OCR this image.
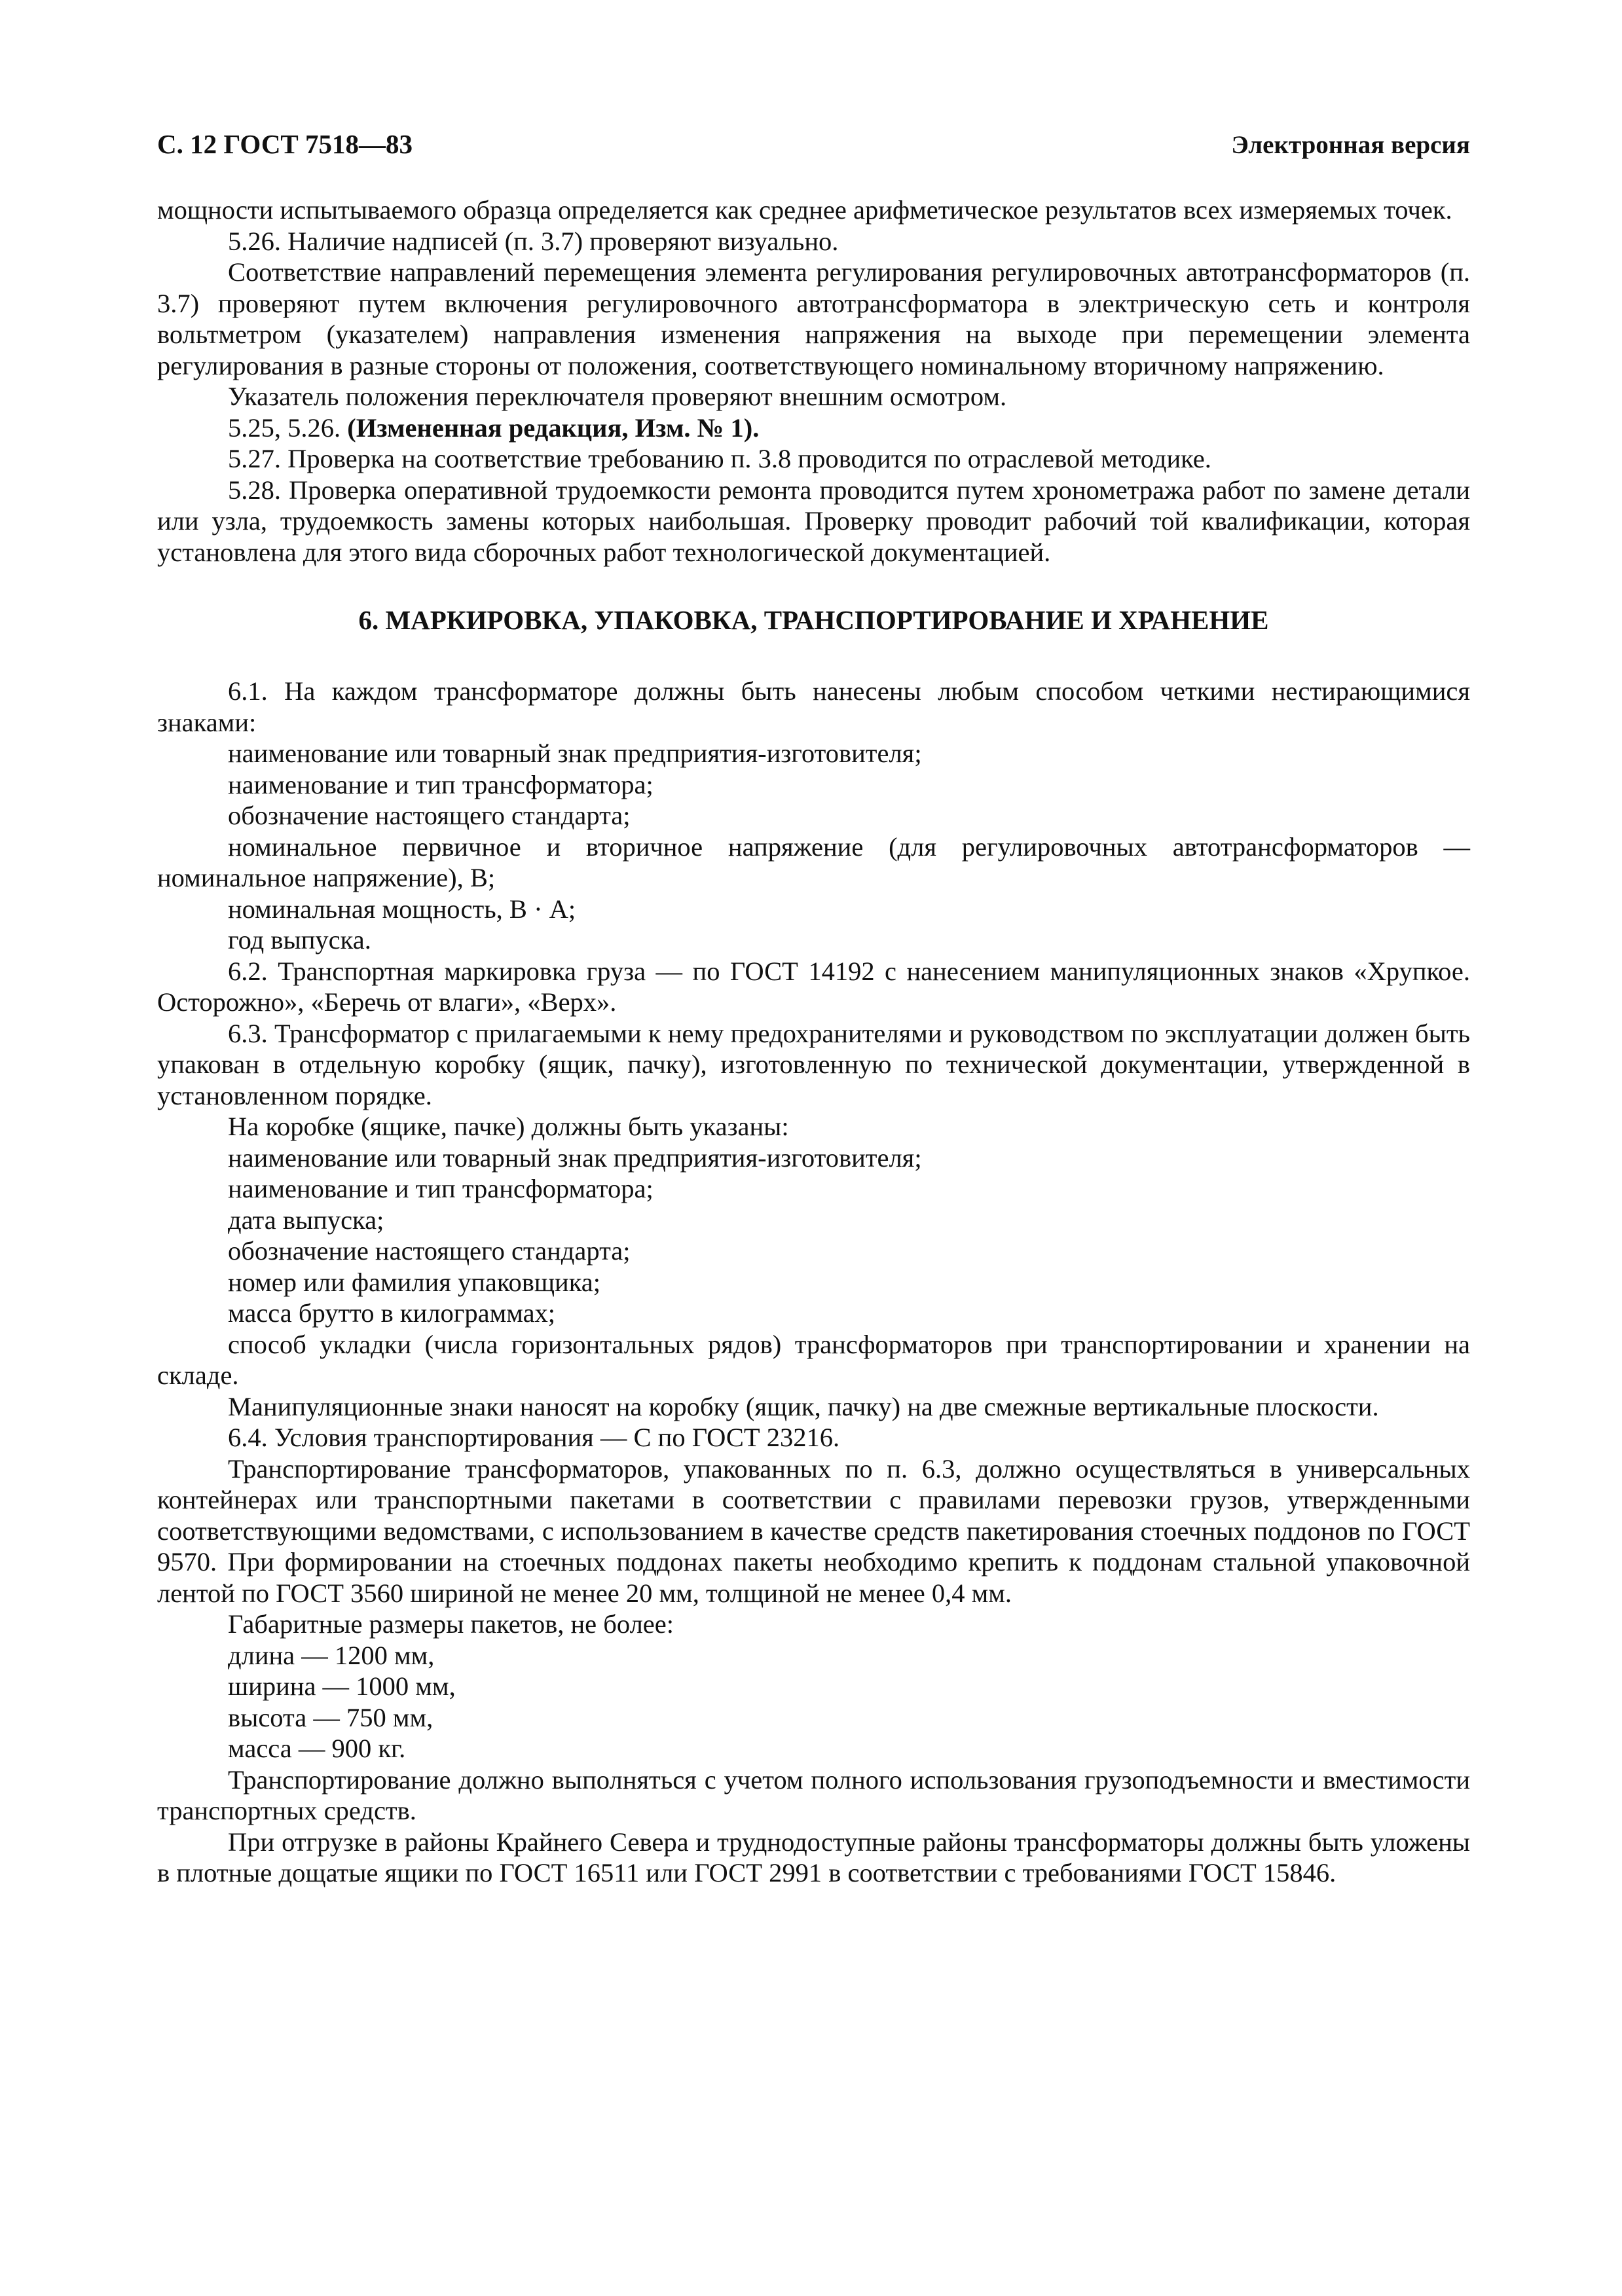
С. 12 ГОСТ 7518—83	Электронная версия

мощности испытываемого образца определяется как среднее арифметическое результатов всех измеряемых точек.

5.26. Наличие надписей (п. 3.7) проверяют визуально.

Соответствие направлений перемещения элемента регулирования регулировочных автотрансформаторов (п. 3.7) проверяют путем включения регулировочного автотрансформатора в электрическую сеть и контроля вольтметром (указателем) направления изменения напряжения на выходе при перемещении элемента регулирования в разные стороны от положения, соответствующего номинальному вторичному напряжению.

Указатель положения переключателя проверяют внешним осмотром.

5.25, 5.26. (Измененная редакция, Изм. № 1).

5.27. Проверка на соответствие требованию п. 3.8 проводится по отраслевой методике.

5.28. Проверка оперативной трудоемкости ремонта проводится путем хронометража работ по замене детали или узла, трудоемкость замены которых наибольшая. Проверку проводит рабочий той квалификации, которая установлена для этого вида сборочных работ технологической документацией.

6. МАРКИРОВКА, УПАКОВКА, ТРАНСПОРТИРОВАНИЕ И ХРАНЕНИЕ

6.1. На каждом трансформаторе должны быть нанесены любым способом четкими нестирающимися знаками:

наименование или товарный знак предприятия-изготовителя;

наименование и тип трансформатора;

обозначение настоящего стандарта;

номинальное первичное и вторичное напряжение (для регулировочных автотрансформаторов — номинальное напряжение), В;

номинальная мощность, В · А;

год выпуска.

6.2. Транспортная маркировка груза — по ГОСТ 14192 с нанесением манипуляционных знаков «Хрупкое. Осторожно», «Беречь от влаги», «Верх».

6.3. Трансформатор с прилагаемыми к нему предохранителями и руководством по эксплуатации должен быть упакован в отдельную коробку (ящик, пачку), изготовленную по технической документации, утвержденной в установленном порядке.

На коробке (ящике, пачке) должны быть указаны:

наименование или товарный знак предприятия-изготовителя;

наименование и тип трансформатора;

дата выпуска;

обозначение настоящего стандарта;

номер или фамилия упаковщика;

масса брутто в килограммах;

способ укладки (числа горизонтальных рядов) трансформаторов при транспортировании и хранении на складе.

Манипуляционные знаки наносят на коробку (ящик, пачку) на две смежные вертикальные плоскости.

6.4. Условия транспортирования — С по ГОСТ 23216.

Транспортирование трансформаторов, упакованных по п. 6.3, должно осуществляться в универсальных контейнерах или транспортными пакетами в соответствии с правилами перевозки грузов, утвержденными соответствующими ведомствами, с использованием в качестве средств пакетирования стоечных поддонов по ГОСТ 9570. При формировании на стоечных поддонах пакеты необходимо крепить к поддонам стальной упаковочной лентой по ГОСТ 3560 шириной не менее 20 мм, толщиной не менее 0,4 мм.

Габаритные размеры пакетов, не более:

длина — 1200 мм,

ширина — 1000 мм,

высота — 750 мм,

масса — 900 кг.

Транспортирование должно выполняться с учетом полного использования грузоподъемности и вместимости транспортных средств.

При отгрузке в районы Крайнего Севера и труднодоступные районы трансформаторы должны быть уложены в плотные дощатые ящики по ГОСТ 16511 или ГОСТ 2991 в соответствии с требованиями ГОСТ 15846.
